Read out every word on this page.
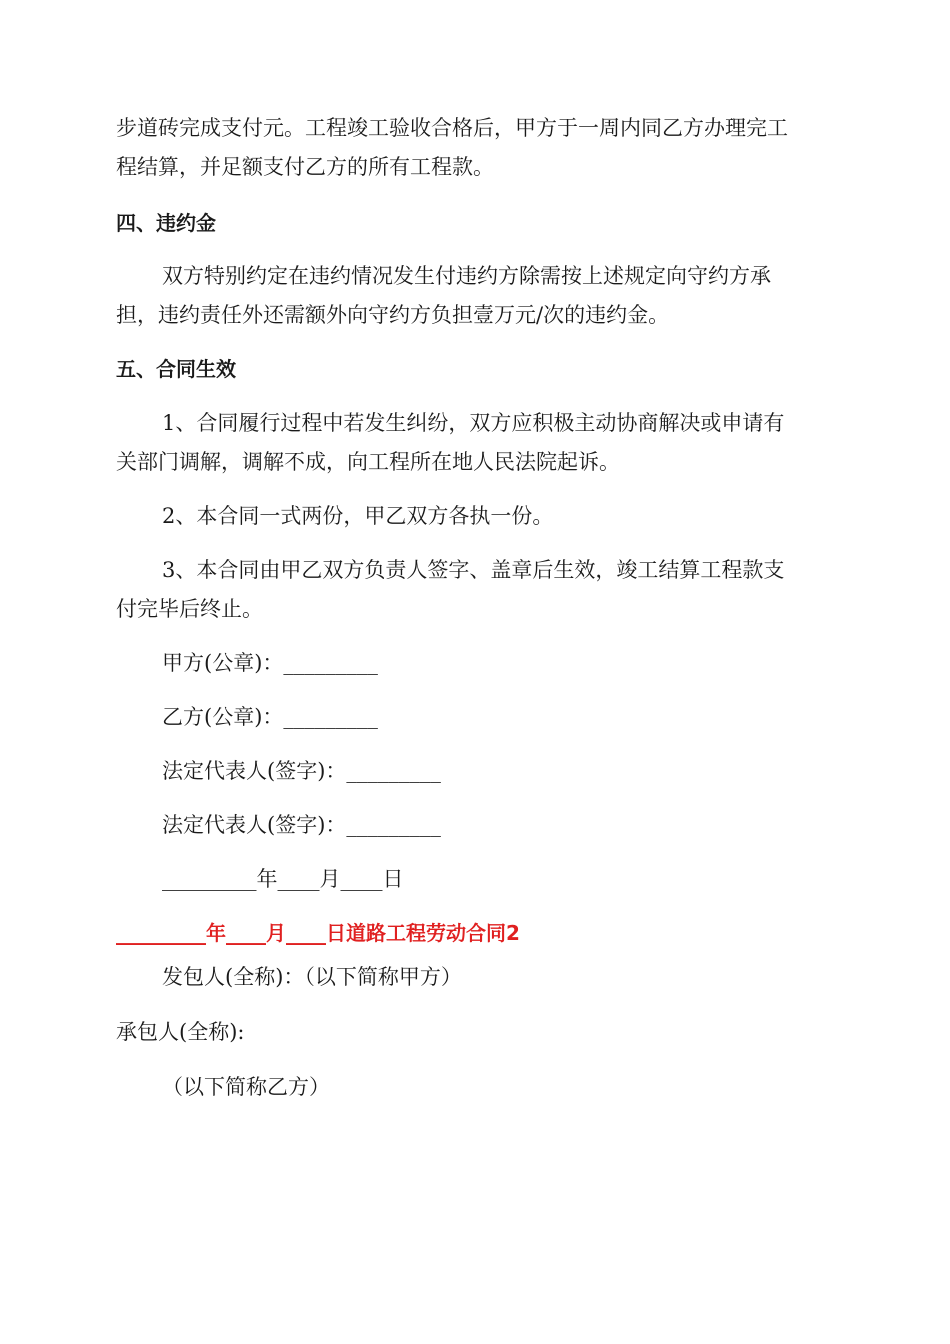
步道砖完成支付元。工程竣工验收合格后，甲方于一周内同乙方办理完工
程结算，并足额支付乙方的所有工程款。
四、违约金
双方特别约定在违约情况发生付违约方除需按上述规定向守约方承
担，违约责任外还需额外向守约方负担壹万元/次的违约金。
五、合同生效
1、合同履行过程中若发生纠纷，双方应积极主动协商解决或申请有
关部门调解，调解不成，向工程所在地人民法院起诉。
2、本合同一式两份，甲乙双方各执一份。
3、本合同由甲乙双方负责人签字、盖章后生效，竣工结算工程款支
付完毕后终止。
甲方(公章)：_________
乙方(公章)：_________
法定代表人(签字)：_________
法定代表人(签字)：_________
_________年____月____日
_________年____月____日道路工程劳动合同2
发包人(全称)：（以下简称甲方）
承包人(全称):
（以下简称乙方）
